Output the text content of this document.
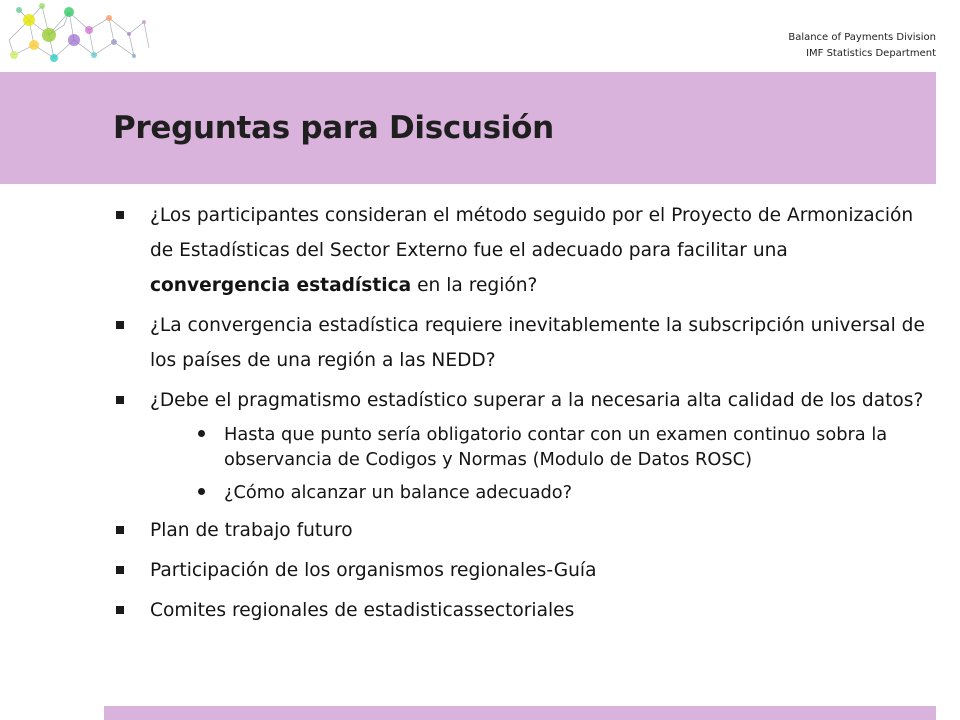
Balance of Payments Division
IMF Statistics Department
Preguntas para Discusión
¿Los participantes consideran el método seguido por el Proyecto de Armonización de Estadísticas del Sector Externo fue el adecuado para facilitar una convergencia estadística en la región?
¿La convergencia estadística requiere inevitablemente la subscripción universal de los países de una región a las NEDD?
¿Debe el pragmatismo estadístico superar a la necesaria alta calidad de los datos?
Hasta que punto sería obligatorio contar con un examen continuo sobra la observancia de Codigos y Normas (Modulo de Datos ROSC)
¿Cómo alcanzar un balance adecuado?
Plan de trabajo futuro
Participación de los organismos regionales-Guía
Comites regionales de estadisticassectoriales
